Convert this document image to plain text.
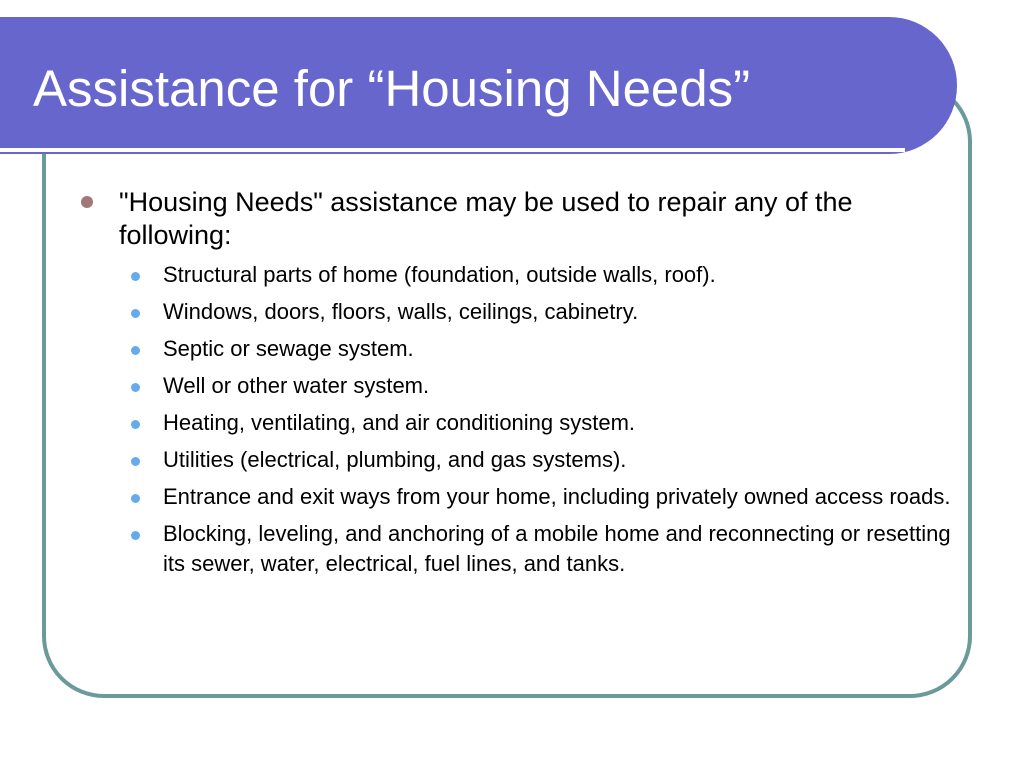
Assistance for “Housing Needs”
"Housing Needs" assistance may be used to repair any of the following:
Structural parts of home (foundation, outside walls, roof).
Windows, doors, floors, walls, ceilings, cabinetry.
Septic or sewage system.
Well or other water system.
Heating, ventilating, and air conditioning system.
Utilities (electrical, plumbing, and gas systems).
Entrance and exit ways from your home, including privately owned access roads.
Blocking, leveling, and anchoring of a mobile home and reconnecting or resetting its sewer, water, electrical, fuel lines, and tanks.
